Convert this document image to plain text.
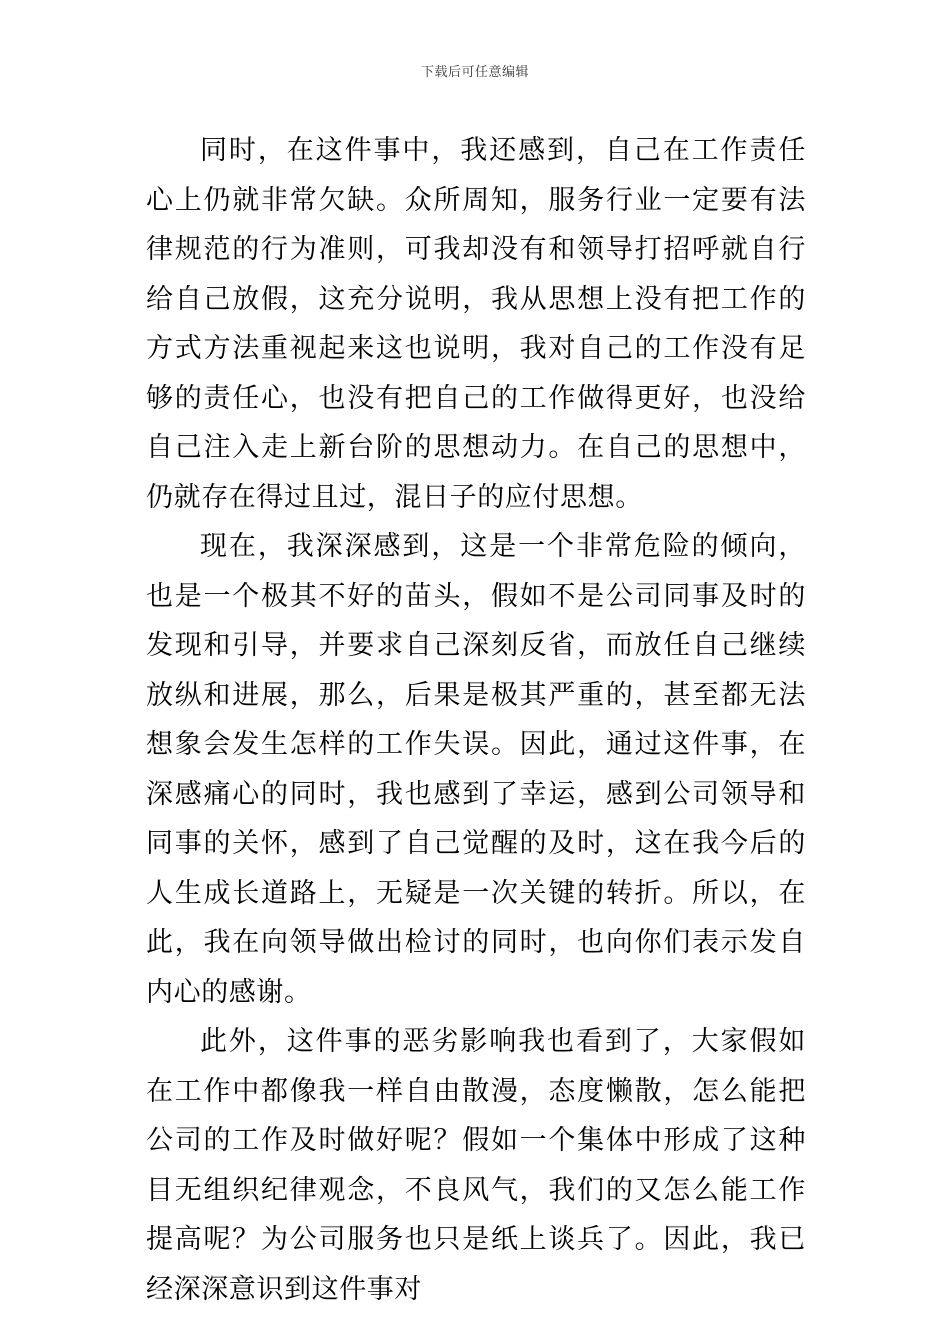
下载后可任意编辑

同时，在这件事中，我还感到，自己在工作责任心上仍就非常欠缺。众所周知，服务行业一定要有法律规范的行为准则，可我却没有和领导打招呼就自行给自己放假，这充分说明，我从思想上没有把工作的方式方法重视起来这也说明，我对自己的工作没有足够的责任心，也没有把自己的工作做得更好，也没给自己注入走上新台阶的思想动力。在自己的思想中，仍就存在得过且过，混日子的应付思想。

现在，我深深感到，这是一个非常危险的倾向，也是一个极其不好的苗头，假如不是公司同事及时的发现和引导，并要求自己深刻反省，而放任自己继续放纵和进展，那么，后果是极其严重的，甚至都无法想象会发生怎样的工作失误。因此，通过这件事，在深感痛心的同时，我也感到了幸运，感到公司领导和同事的关怀，感到了自己觉醒的及时，这在我今后的人生成长道路上，无疑是一次关键的转折。所以，在此，我在向领导做出检讨的同时，也向你们表示发自内心的感谢。

此外，这件事的恶劣影响我也看到了，大家假如在工作中都像我一样自由散漫，态度懒散，怎么能把公司的工作及时做好呢？假如一个集体中形成了这种目无组织纪律观念，不良风气，我们的又怎么能工作提高呢？为公司服务也只是纸上谈兵了。因此，我已经深深意识到这件事对
